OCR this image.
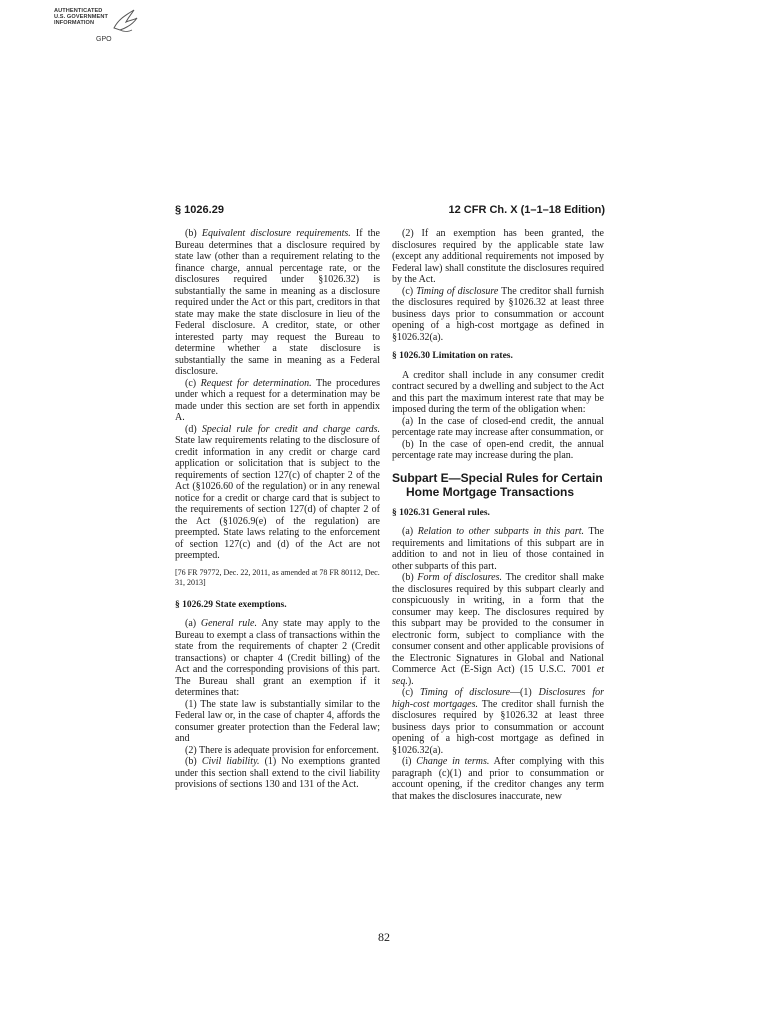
AUTHENTICATED
U.S. GOVERNMENT
INFORMATION
GPO
§ 1026.29	12 CFR Ch. X (1–1–18 Edition)

(b) Equivalent disclosure requirements. If the Bureau determines that a disclosure required by state law (other than a requirement relating to the finance charge, annual percentage rate, or the disclosures required under §1026.32) is substantially the same in meaning as a disclosure required under the Act or this part, creditors in that state may make the state disclosure in lieu of the Federal disclosure. A creditor, state, or other interested party may request the Bureau to determine whether a state disclosure is substantially the same in meaning as a Federal disclosure.

(c) Request for determination. The procedures under which a request for a determination may be made under this section are set forth in appendix A.

(d) Special rule for credit and charge cards. State law requirements relating to the disclosure of credit information in any credit or charge card application or solicitation that is subject to the requirements of section 127(c) of chapter 2 of the Act (§1026.60 of the regulation) or in any renewal notice for a credit or charge card that is subject to the requirements of section 127(d) of chapter 2 of the Act (§1026.9(e) of the regulation) are preempted. State laws relating to the enforcement of section 127(c) and (d) of the Act are not preempted.

[76 FR 79772, Dec. 22, 2011, as amended at 78 FR 80112, Dec. 31, 2013]

§ 1026.29 State exemptions.

(a) General rule. Any state may apply to the Bureau to exempt a class of transactions within the state from the requirements of chapter 2 (Credit transactions) or chapter 4 (Credit billing) of the Act and the corresponding provisions of this part. The Bureau shall grant an exemption if it determines that:

(1) The state law is substantially similar to the Federal law or, in the case of chapter 4, affords the consumer greater protection than the Federal law; and

(2) There is adequate provision for enforcement.

(b) Civil liability. (1) No exemptions granted under this section shall extend to the civil liability provisions of sections 130 and 131 of the Act.

(2) If an exemption has been granted, the disclosures required by the applicable state law (except any additional requirements not imposed by Federal law) shall constitute the disclosures required by the Act.

(c) Timing of disclosure The creditor shall furnish the disclosures required by §1026.32 at least three business days prior to consummation or account opening of a high-cost mortgage as defined in §1026.32(a).

§ 1026.30 Limitation on rates.

A creditor shall include in any consumer credit contract secured by a dwelling and subject to the Act and this part the maximum interest rate that may be imposed during the term of the obligation when:

(a) In the case of closed-end credit, the annual percentage rate may increase after consummation, or

(b) In the case of open-end credit, the annual percentage rate may increase during the plan.

Subpart E—Special Rules for Certain Home Mortgage Transactions

§ 1026.31 General rules.

(a) Relation to other subparts in this part. The requirements and limitations of this subpart are in addition to and not in lieu of those contained in other subparts of this part.

(b) Form of disclosures. The creditor shall make the disclosures required by this subpart clearly and conspicuously in writing, in a form that the consumer may keep. The disclosures required by this subpart may be provided to the consumer in electronic form, subject to compliance with the consumer consent and other applicable provisions of the Electronic Signatures in Global and National Commerce Act (E-Sign Act) (15 U.S.C. 7001 et seq.).

(c) Timing of disclosure—(1) Disclosures for high-cost mortgages. The creditor shall furnish the disclosures required by §1026.32 at least three business days prior to consummation or account opening of a high-cost mortgage as defined in §1026.32(a).

(i) Change in terms. After complying with this paragraph (c)(1) and prior to consummation or account opening, if the creditor changes any term that makes the disclosures inaccurate, new

82
